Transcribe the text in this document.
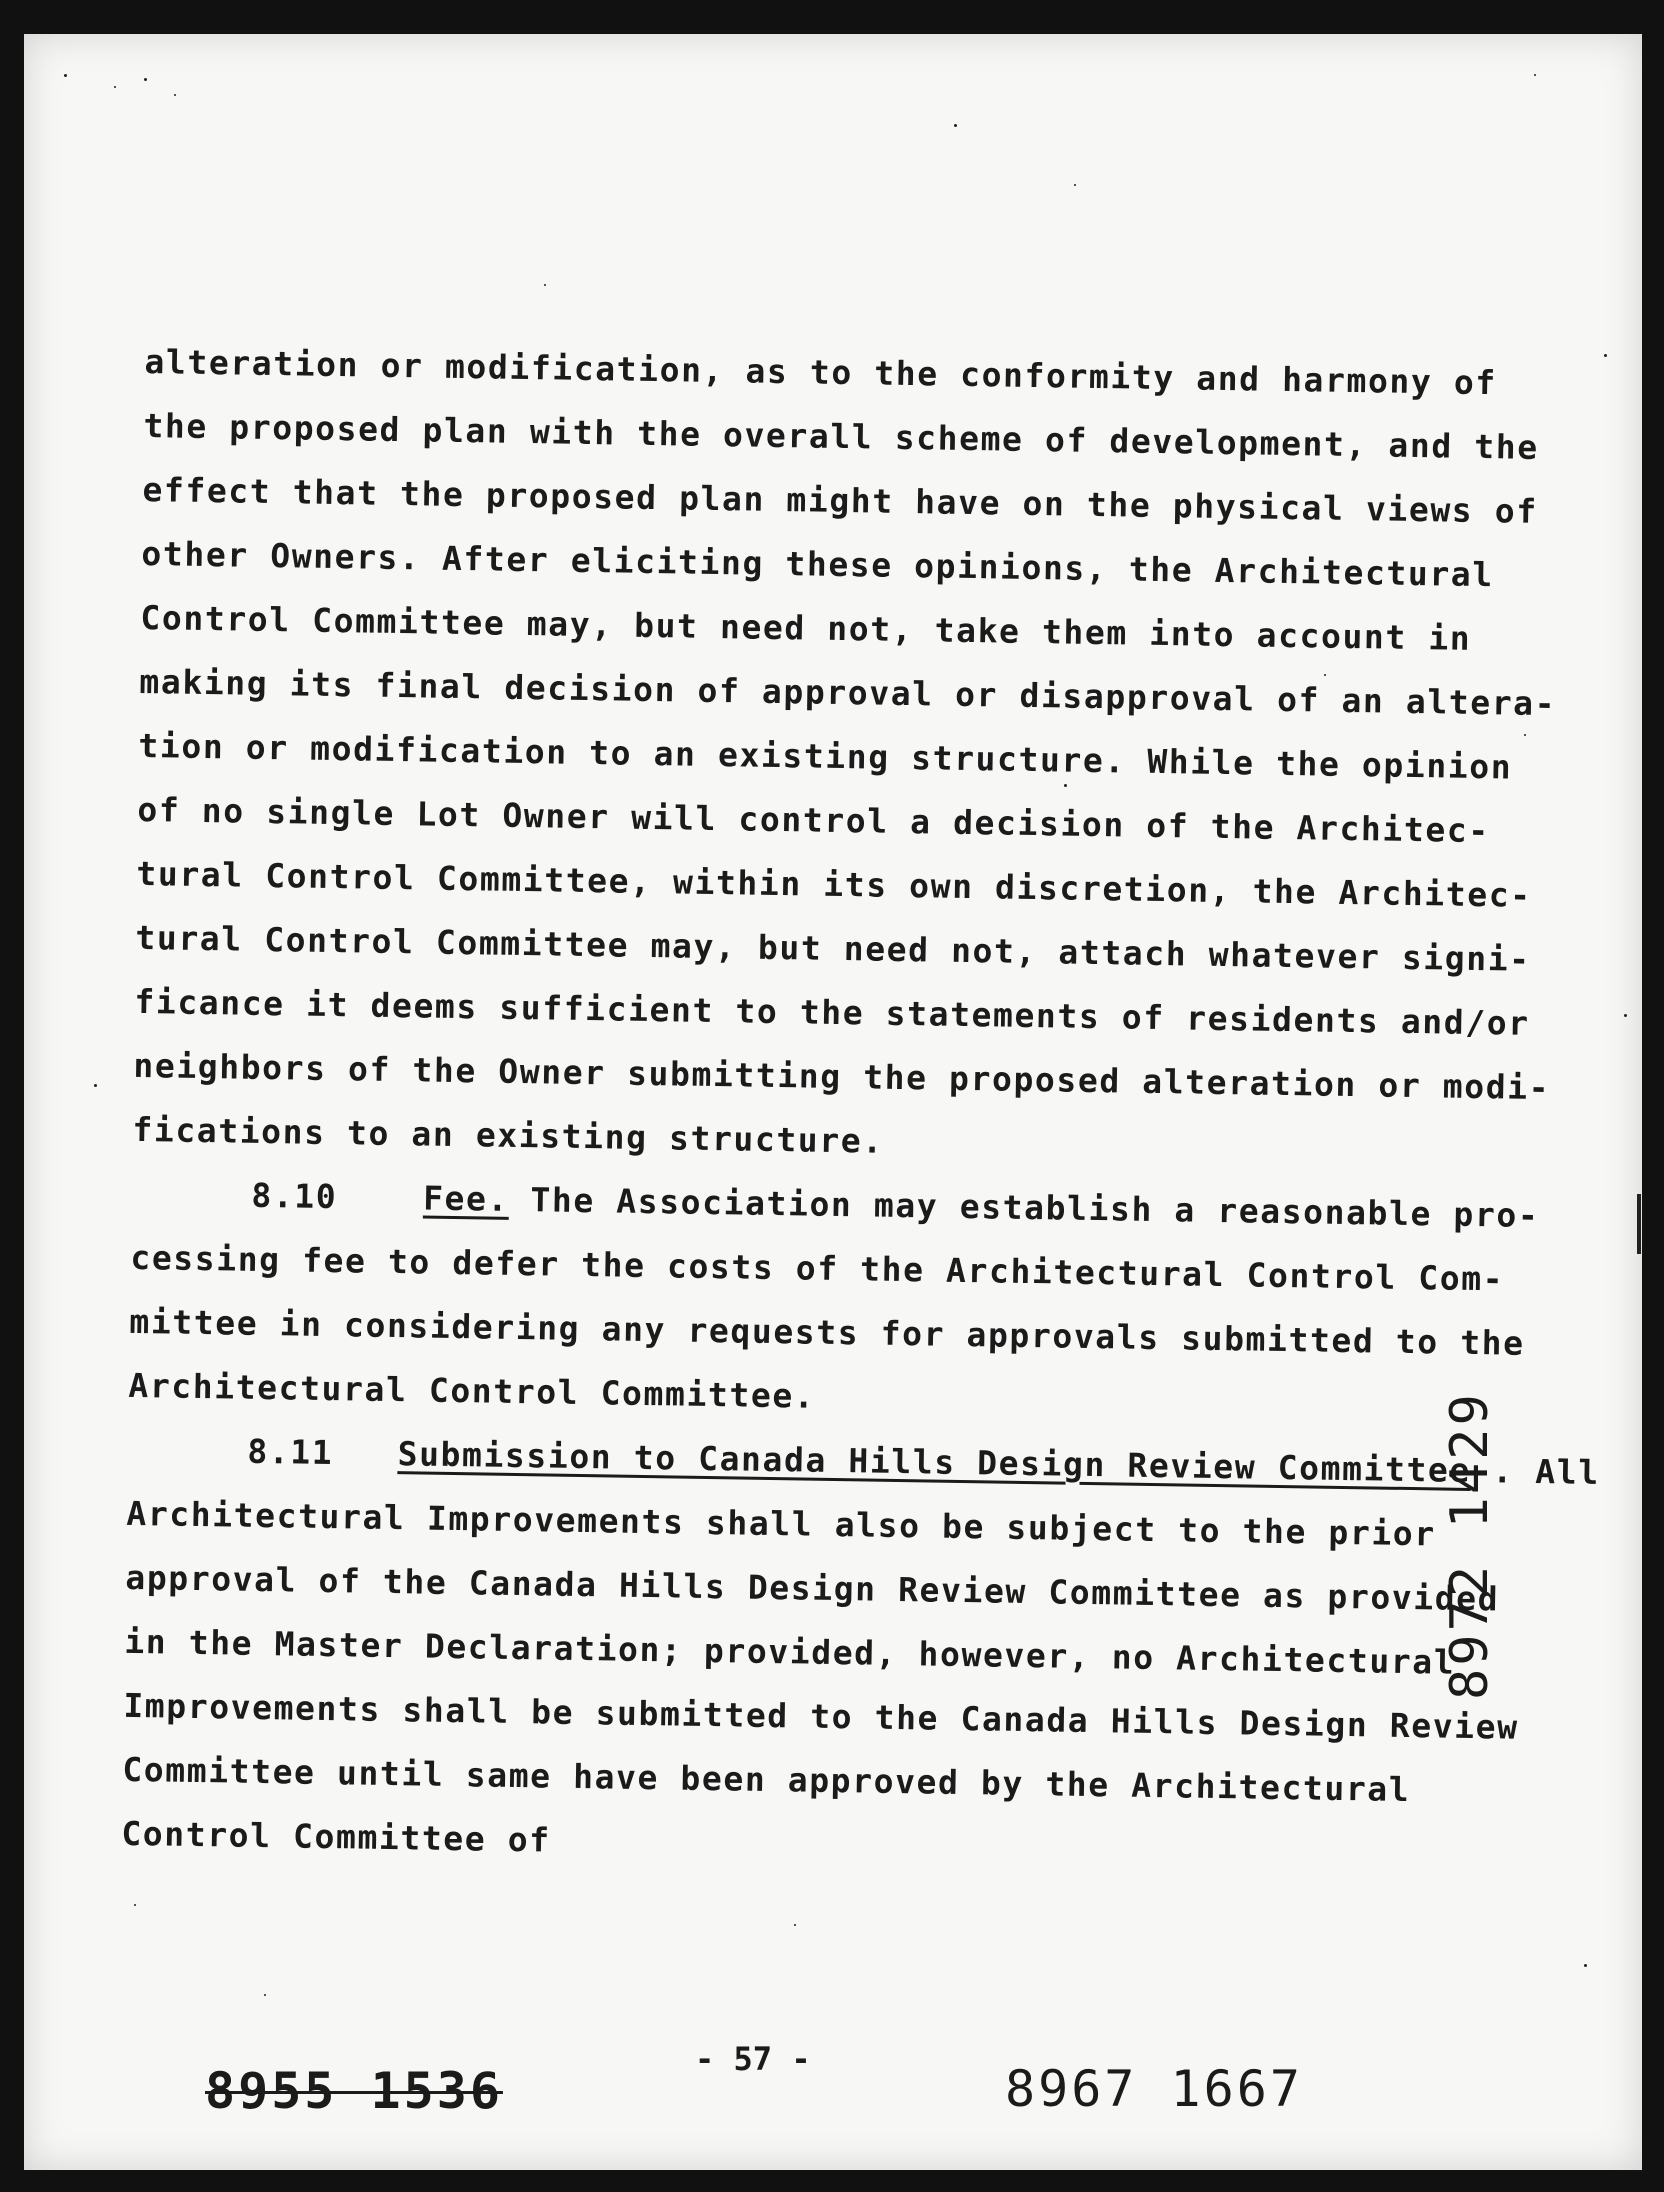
alteration or modification, as to the conformity and harmony of
the proposed plan with the overall scheme of development, and the
effect that the proposed plan might have on the physical views of
other Owners. After eliciting these opinions, the Architectural
Control Committee may, but need not, take them into account in
making its final decision of approval or disapproval of an altera-
tion or modification to an existing structure. While the opinion
of no single Lot Owner will control a decision of the Architec-
tural Control Committee, within its own discretion, the Architec-
tural Control Committee may, but need not, attach whatever signi-
ficance it deems sufficient to the statements of residents and/or
neighbors of the Owner submitting the proposed alteration or modi-
fications to an existing structure.
8.10	Fee. The Association may establish a reasonable pro-
cessing fee to defer the costs of the Architectural Control Com-
mittee in considering any requests for approvals submitted to the
Architectural Control Committee.
8.11 Submission to Canada Hills Design Review Committee . All
Architectural Improvements shall also be subject to the prior
approval of the Canada Hills Design Review Committee as provided
in the Master Declaration; provided, however, no Architectural
Improvements shall be submitted to the Canada Hills Design Review
Committee until same have been approved by the Architectural
Control Committee of
- 57 -
8955 1536	8967 1667
8972 1429
